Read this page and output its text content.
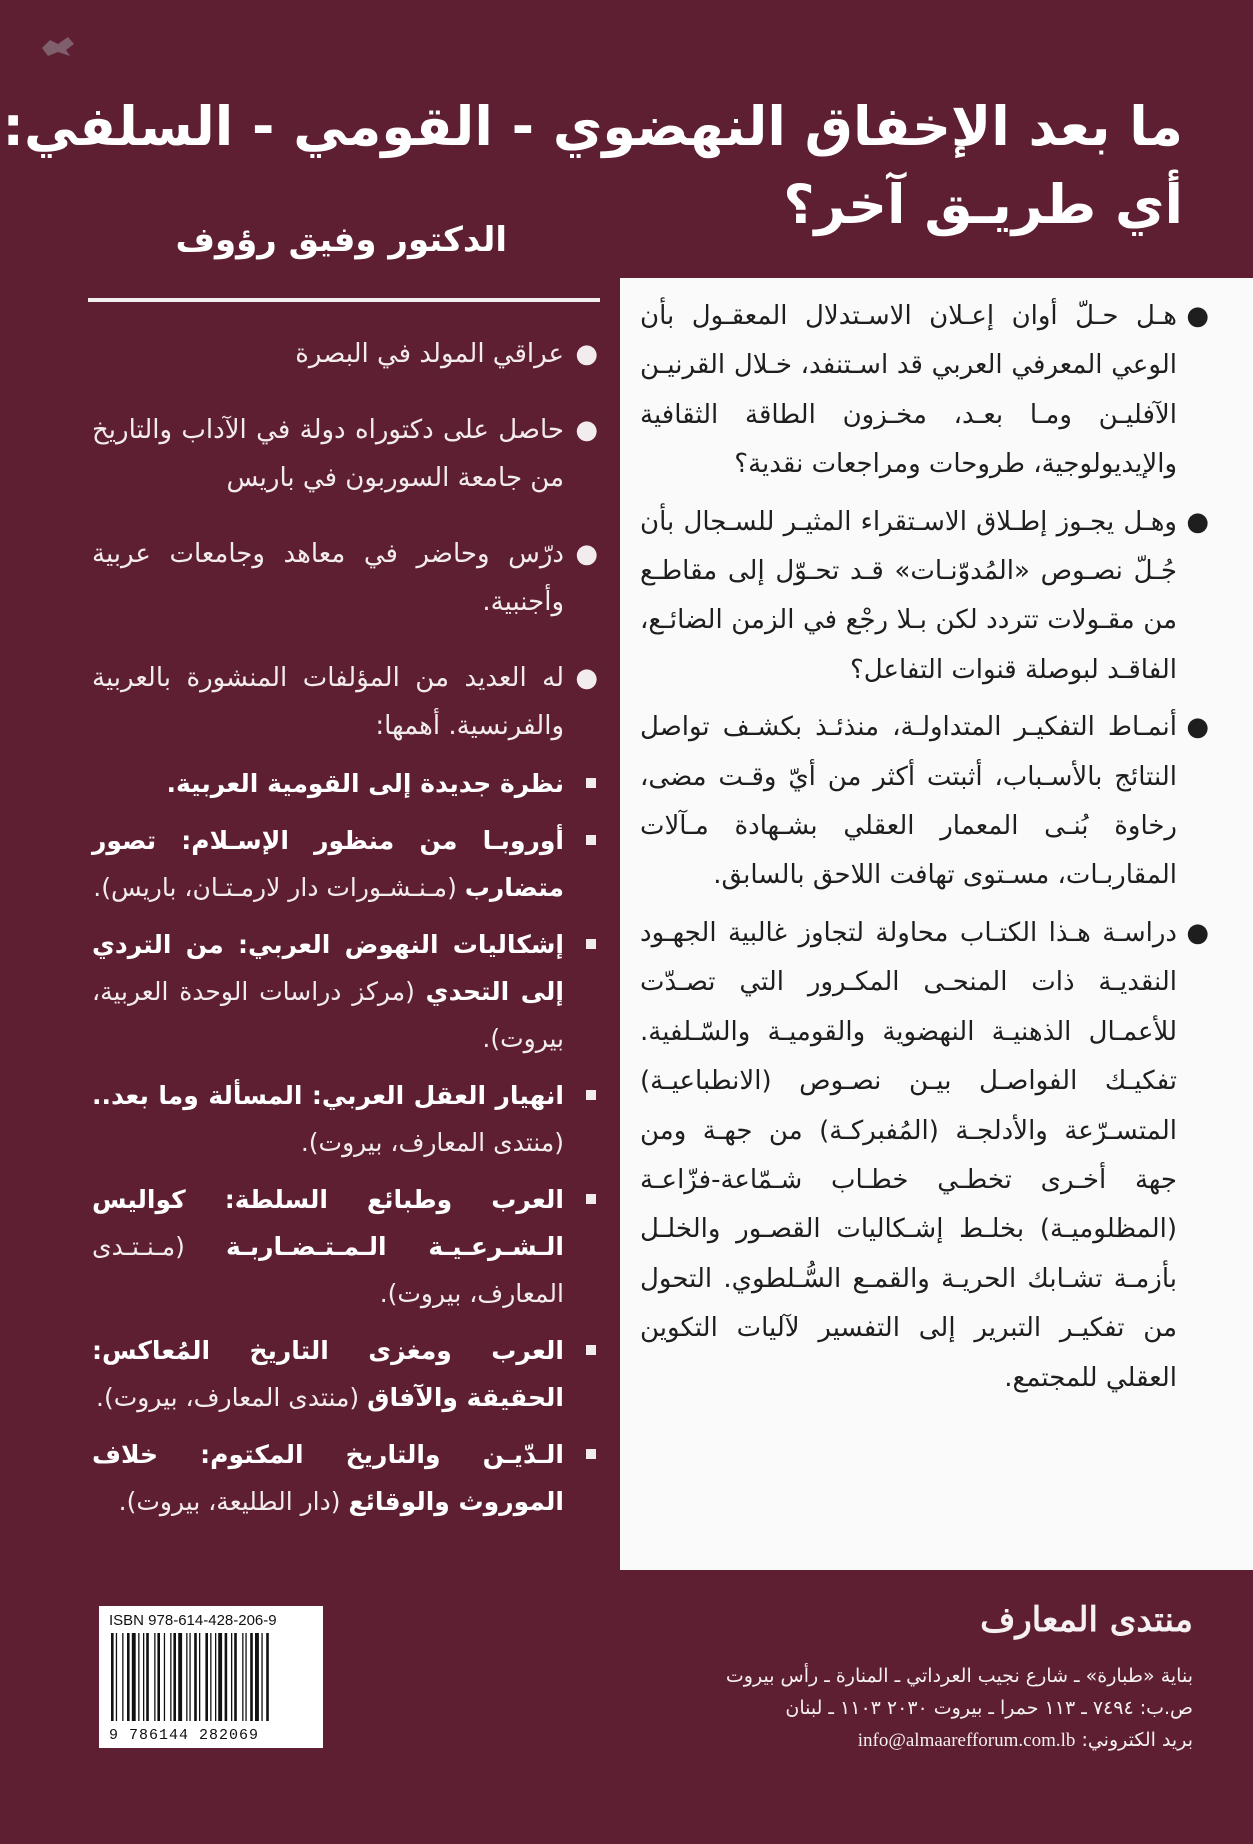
ما بعد الإخفاق النهضوي - القومي - السلفي:
أي طريـق آخر؟
الدكتور وفيق رؤوف
●
هـل حـلّ أوان إعـلان الاسـتدلال المعقـول بأن الوعي المعرفي العربي قد اسـتنفد، خـلال القرنيـن الآفليـن ومـا بعـد، مخـزون الطاقة الثقافية والإيديولوجية، طروحات ومراجعات نقدية؟
●
وهـل يجـوز إطـلاق الاسـتقراء المثيـر للسـجال بأن جُـلّ نصـوص «المُدوّنـات» قـد تحـوّل إلى مقاطـع من مقـولات تتردد لكن بـلا رجْع في الزمن الضائـع، الفاقـد لبوصلة قنوات التفاعل؟
●
أنمـاط التفكيـر المتداولـة، منذئـذ بكشـف تواصل النتائج بالأسـباب، أثبتت أكثر من أيّ وقـت مضى، رخاوة بُنـى المعمار العقلي بشـهادة مـآلات المقاربـات، مسـتوى تهافت اللاحق بالسابق.
●
دراسـة هـذا الكتـاب محاولة لتجاوز غالبية الجهـود النقديـة ذات المنحـى المكـرور التي تصـدّت للأعمـال الذهنيـة النهضوية والقوميـة والسّـلفية. تفكيـك الفواصـل بيـن نصـوص (الانطباعيـة) المتسـرّعة والأدلجـة (المُفبركـة) من جهـة ومن جهة أخـرى تخطـي خطـاب شـمّاعة-فزّاعـة (المظلوميـة) بخلـط إشـكاليات القصـور والخلـل بأزمـة تشـابك الحريـة والقمـع السُّـلطوي. التحول من تفكيـر التبرير إلى التفسير لآليات التكوين العقلي للمجتمع.
●
عراقي المولد في البصرة
●
حاصل على دكتوراه دولة في الآداب والتاريخ من جامعة السوربون في باريس
●
درّس وحاضر في معاهد وجامعات عربية وأجنبية.
●
له العديد من المؤلفات المنشورة بالعربية والفرنسية. أهمها:
نظرة جديدة إلى القومية العربية.
أوروبـا من منظور الإسـلام: تصور متضارب (مـنـشـورات دار لارمـتـان، باريس).
إشكاليات النهوض العربي: من التردي إلى التحدي (مركز دراسات الوحدة العربية، بيروت).
انهيار العقل العربي: المسألة وما بعد.. (منتدى المعارف، بيروت).
العرب وطبائع السلطة: كواليس الـشـرعـيـة الـمـتـضـاربـة (مـنـتـدى المعارف، بيروت).
العرب ومغزى التاريخ المُعاكس: الحقيقة والآفاق (منتدى المعارف، بيروت).
الـدّيـن والتاريخ المكتوم: خلاف الموروث والوقائع (دار الطليعة، بيروت).
منتدى المعارف
بناية «طبارة» ـ شارع نجيب العرداتي ـ المنارة ـ رأس بيروت
ص.ب: ٧٤٩٤ ـ ١١٣ حمرا ـ بيروت ٢٠٣٠ ١١٠٣ ـ لبنان
بريد الكتروني: info@almaarefforum.com.lb
ISBN 978-614-428-206-9
9 786144 282069
